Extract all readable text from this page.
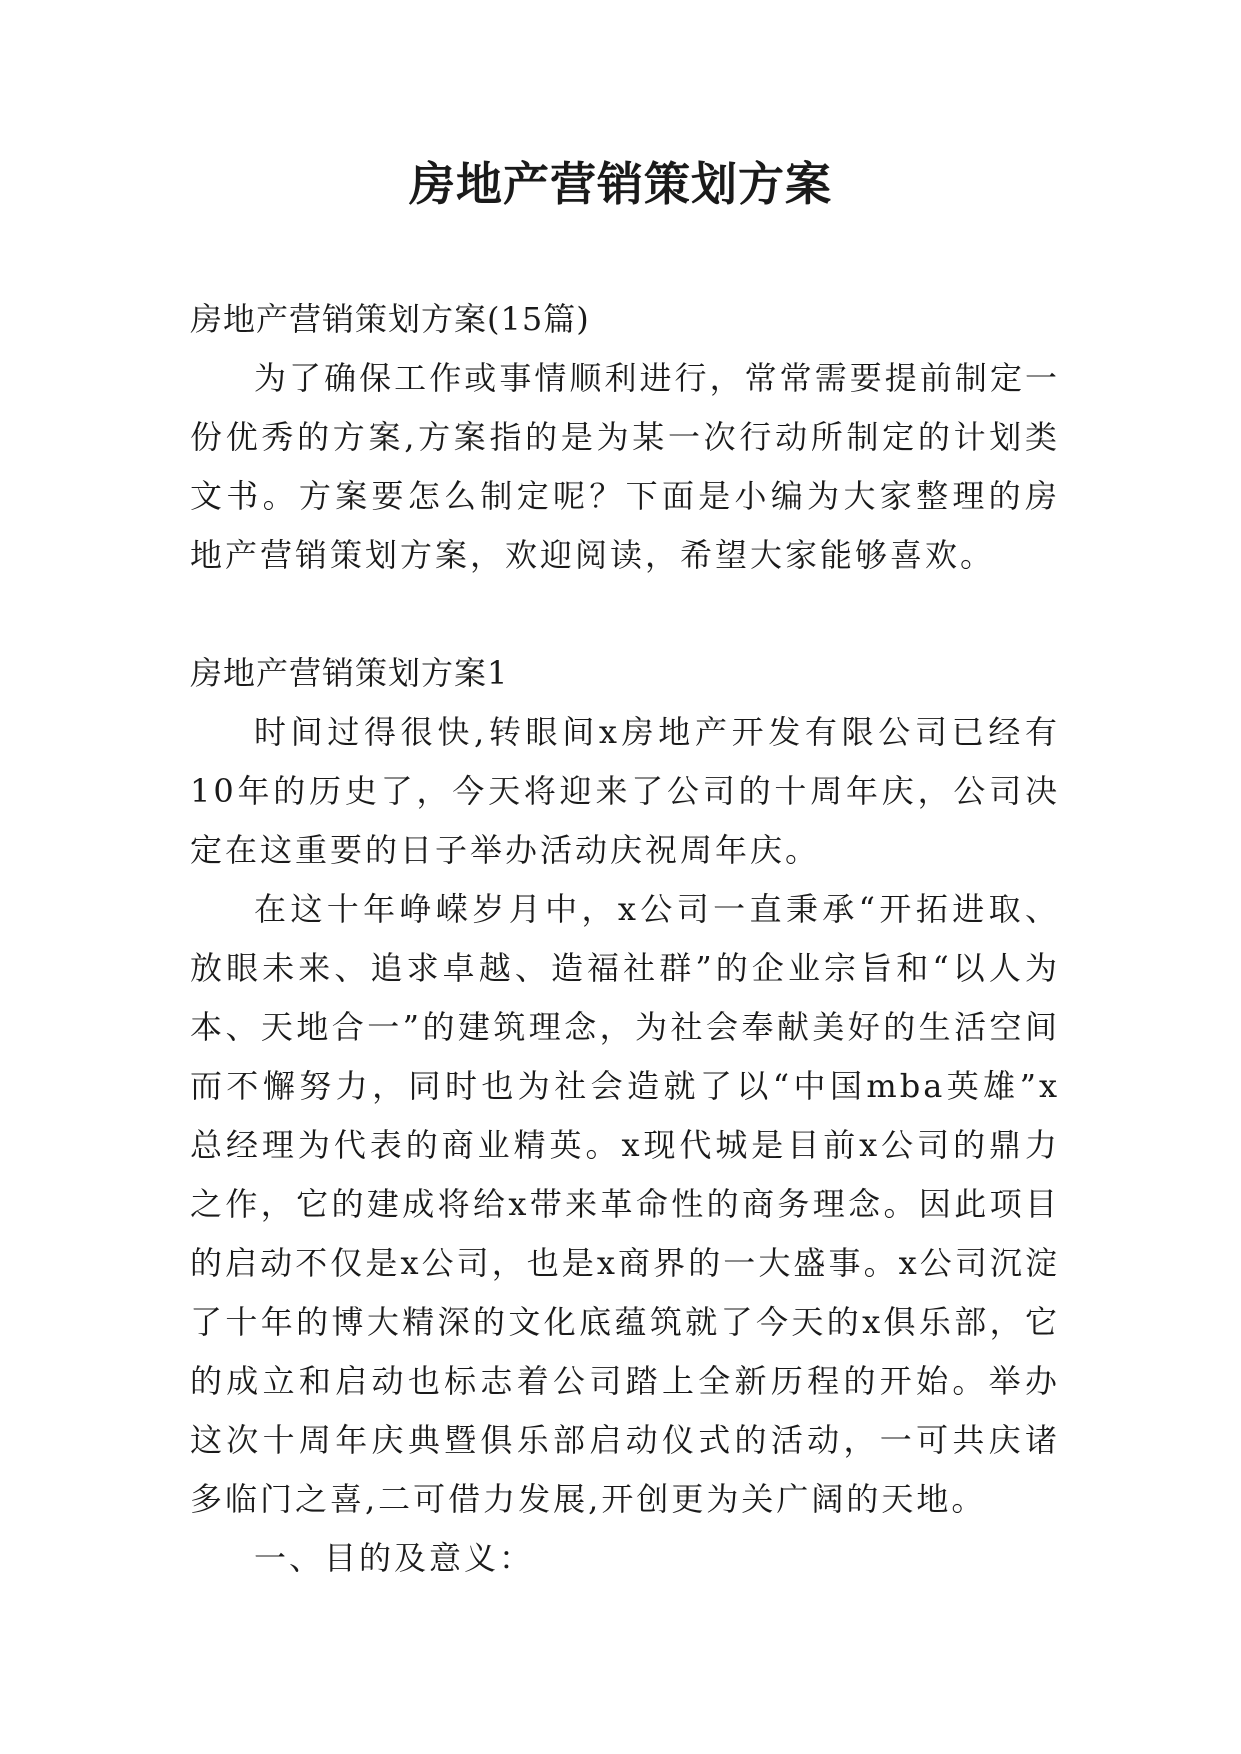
房地产营销策划方案

房地产营销策划方案(15篇)

为了确保工作或事情顺利进行，常常需要提前制定一份优秀的方案,方案指的是为某一次行动所制定的计划类文书。方案要怎么制定呢？下面是小编为大家整理的房地产营销策划方案，欢迎阅读，希望大家能够喜欢。

房地产营销策划方案1

时间过得很快,转眼间x房地产开发有限公司已经有10年的历史了，今天将迎来了公司的十周年庆，公司决定在这重要的日子举办活动庆祝周年庆。

在这十年峥嵘岁月中，x公司一直秉承“开拓进取、放眼未来、追求卓越、造福社群”的企业宗旨和“以人为本、天地合一”的建筑理念，为社会奉献美好的生活空间而不懈努力，同时也为社会造就了以“中国mba英雄”x总经理为代表的商业精英。x现代城是目前x公司的鼎力之作，它的建成将给x带来革命性的商务理念。因此项目的启动不仅是x公司，也是x商界的一大盛事。x公司沉淀了十年的博大精深的文化底蕴筑就了今天的x俱乐部，它的成立和启动也标志着公司踏上全新历程的开始。举办这次十周年庆典暨俱乐部启动仪式的活动，一可共庆诸多临门之喜,二可借力发展,开创更为关广阔的天地。

一、目的及意义：
